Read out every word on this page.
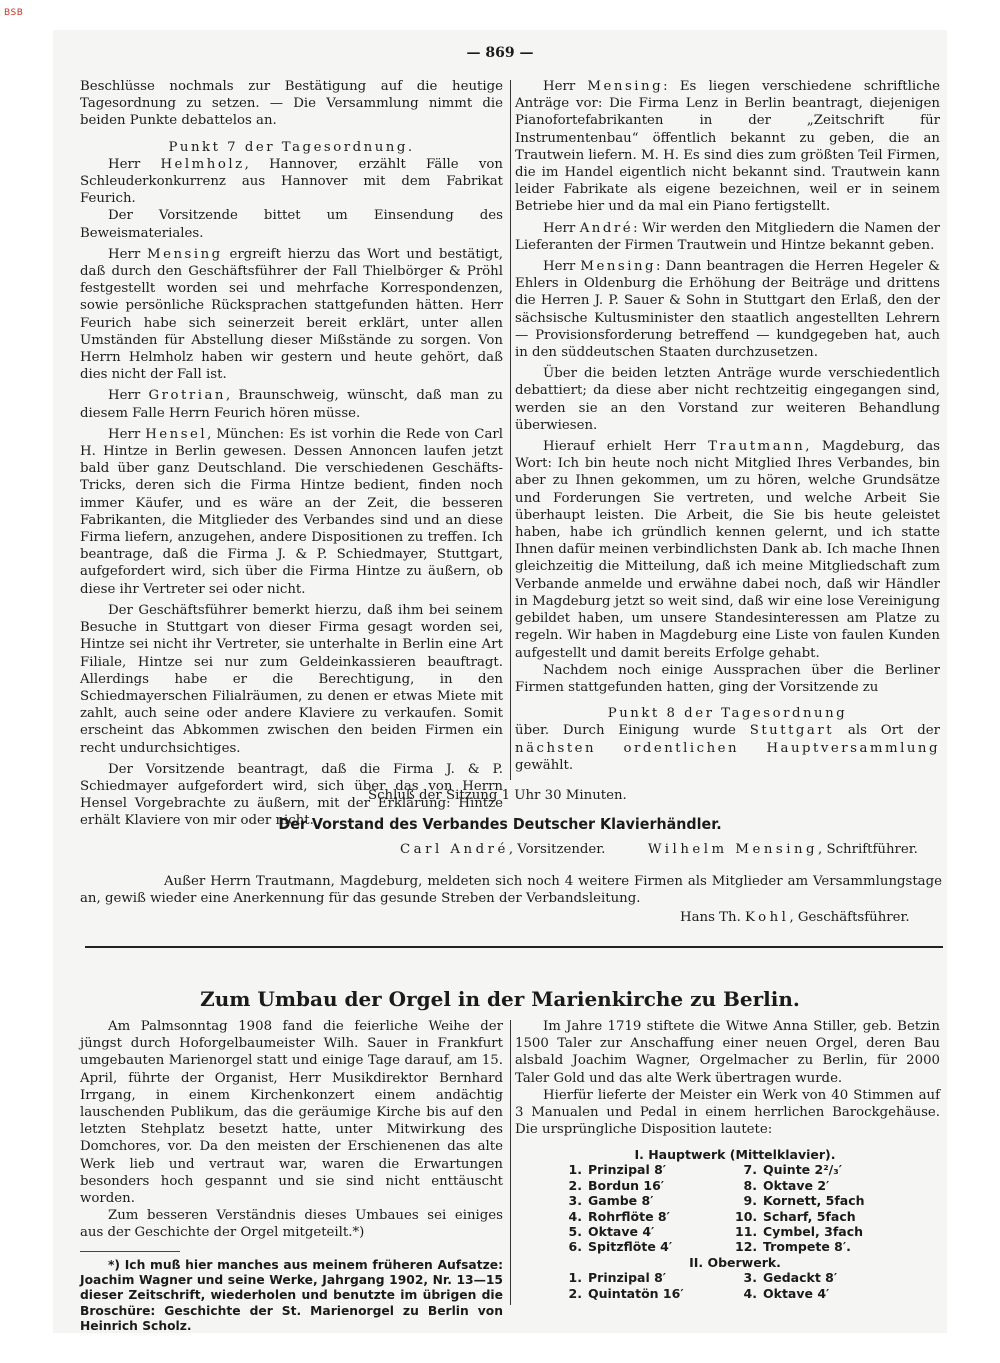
BSB
— 869 —

Beschlüsse nochmals zur Bestätigung auf die heutige Tagesordnung zu setzen. — Die Versammlung nimmt die beiden Punkte debattelos an.

Punkt 7 der Tagesordnung.

Herr Helmholz, Hannover, erzählt Fälle von Schleuderkonkurrenz aus Hannover mit dem Fabrikat Feurich.

Der Vorsitzende bittet um Einsendung des Beweismateriales.

Herr Mensing ergreift hierzu das Wort und bestätigt, daß durch den Geschäftsführer der Fall Thielbörger & Pröhl festgestellt worden sei und mehrfache Korrespondenzen, sowie persönliche Rücksprachen stattgefunden hätten. Herr Feurich habe sich seinerzeit bereit erklärt, unter allen Umständen für Abstellung dieser Mißstände zu sorgen. Von Herrn Helmholz haben wir gestern und heute gehört, daß dies nicht der Fall ist.

Herr Grotrian, Braunschweig, wünscht, daß man zu diesem Falle Herrn Feurich hören müsse.

Herr Hensel, München: Es ist vorhin die Rede von Carl H. Hintze in Berlin gewesen. Dessen Annoncen laufen jetzt bald über ganz Deutschland. Die verschiedenen Geschäfts-Tricks, deren sich die Firma Hintze bedient, finden noch immer Käufer, und es wäre an der Zeit, die besseren Fabrikanten, die Mitglieder des Verbandes sind und an diese Firma liefern, anzugehen, andere Dispositionen zu treffen. Ich beantrage, daß die Firma J. & P. Schiedmayer, Stuttgart, aufgefordert wird, sich über die Firma Hintze zu äußern, ob diese ihr Vertreter sei oder nicht.

Der Geschäftsführer bemerkt hierzu, daß ihm bei seinem Besuche in Stuttgart von dieser Firma gesagt worden sei, Hintze sei nicht ihr Vertreter, sie unterhalte in Berlin eine Art Filiale, Hintze sei nur zum Geldeinkassieren beauftragt. Allerdings habe er die Berechtigung, in den Schiedmayerschen Filialräumen, zu denen er etwas Miete mit zahlt, auch seine oder andere Klaviere zu verkaufen. Somit erscheint das Abkommen zwischen den beiden Firmen ein recht undurchsichtiges.

Der Vorsitzende beantragt, daß die Firma J. & P. Schiedmayer aufgefordert wird, sich über das von Herrn Hensel Vorgebrachte zu äußern, mit der Erklärung: Hintze erhält Klaviere von mir oder nicht.

Herr Mensing: Es liegen verschiedene schriftliche Anträge vor: Die Firma Lenz in Berlin beantragt, diejenigen Pianofortefabrikanten in der „Zeitschrift für Instrumentenbau“ öffentlich bekannt zu geben, die an Trautwein liefern. M. H. Es sind dies zum größten Teil Firmen, die im Handel eigentlich nicht bekannt sind. Trautwein kann leider Fabrikate als eigene bezeichnen, weil er in seinem Betriebe hier und da mal ein Piano fertigstellt.

Herr André: Wir werden den Mitgliedern die Namen der Lieferanten der Firmen Trautwein und Hintze bekannt geben.

Herr Mensing: Dann beantragen die Herren Hegeler & Ehlers in Oldenburg die Erhöhung der Beiträge und drittens die Herren J. P. Sauer & Sohn in Stuttgart den Erlaß, den der sächsische Kultusminister den staatlich angestellten Lehrern — Provisionsforderung betreffend — kundgegeben hat, auch in den süddeutschen Staaten durchzusetzen.

Über die beiden letzten Anträge wurde verschiedentlich debattiert; da diese aber nicht rechtzeitig eingegangen sind, werden sie an den Vorstand zur weiteren Behandlung überwiesen.

Hierauf erhielt Herr Trautmann, Magdeburg, das Wort: Ich bin heute noch nicht Mitglied Ihres Verbandes, bin aber zu Ihnen gekommen, um zu hören, welche Grundsätze und Forderungen Sie vertreten, und welche Arbeit Sie überhaupt leisten. Die Arbeit, die Sie bis heute geleistet haben, habe ich gründlich kennen gelernt, und ich statte Ihnen dafür meinen verbindlichsten Dank ab. Ich mache Ihnen gleichzeitig die Mitteilung, daß ich meine Mitgliedschaft zum Verbande anmelde und erwähne dabei noch, daß wir Händler in Magdeburg jetzt so weit sind, daß wir eine lose Vereinigung gebildet haben, um unsere Standesinteressen am Platze zu regeln. Wir haben in Magdeburg eine Liste von faulen Kunden aufgestellt und damit bereits Erfolge gehabt.

Nachdem noch einige Aussprachen über die Berliner Firmen stattgefunden hatten, ging der Vorsitzende zu

Punkt 8 der Tagesordnung

über. Durch Einigung wurde Stuttgart als Ort der nächsten ordentlichen Hauptversammlung gewählt.

Schluß der Sitzung 1 Uhr 30 Minuten.
Der Vorstand des Verbandes Deutscher Klavierhändler.
Carl André, Vorsitzender.	Wilhelm Mensing, Schriftführer.

Außer Herrn Trautmann, Magdeburg, meldeten sich noch 4 weitere Firmen als Mitglieder am Versammlungstage an, gewiß wieder eine Anerkennung für das gesunde Streben der Verbandsleitung.

Hans Th. Kohl, Geschäftsführer.
Zum Umbau der Orgel in der Marienkirche zu Berlin.

Am Palmsonntag 1908 fand die feierliche Weihe der jüngst durch Hoforgelbaumeister Wilh. Sauer in Frankfurt umgebauten Marienorgel statt und einige Tage darauf, am 15. April, führte der Organist, Herr Musikdirektor Bernhard Irrgang, in einem Kirchenkonzert einem andächtig lauschenden Publikum, das die geräumige Kirche bis auf den letzten Stehplatz besetzt hatte, unter Mitwirkung des Domchores, vor. Da den meisten der Erschienenen das alte Werk lieb und vertraut war, waren die Erwartungen besonders hoch gespannt und sie sind nicht enttäuscht worden.

Zum besseren Verständnis dieses Umbaues sei einiges aus der Geschichte der Orgel mitgeteilt.*)

*) Ich muß hier manches aus meinem früheren Aufsatze: Joachim Wagner und seine Werke, Jahrgang 1902, Nr. 13—15 dieser Zeitschrift, wiederholen und benutzte im übrigen die Broschüre: Geschichte der St. Marienorgel zu Berlin von Heinrich Scholz.

Im Jahre 1719 stiftete die Witwe Anna Stiller, geb. Betzin 1500 Taler zur Anschaffung einer neuen Orgel, deren Bau alsbald Joachim Wagner, Orgelmacher zu Berlin, für 2000 Taler Gold und das alte Werk übertragen wurde.

Hierfür lieferte der Meister ein Werk von 40 Stimmen auf 3 Manualen und Pedal in einem herrlichen Barockgehäuse. Die ursprüngliche Disposition lautete:

I. Hauptwerk (Mittelklavier).
1. Prinzipal 8′	7. Quinte 2²/₃′
2. Bordun 16′	8. Oktave 2′
3. Gambe 8′	9. Kornett, 5fach
4. Rohrflöte 8′	10. Scharf, 5fach
5. Oktave 4′	11. Cymbel, 3fach
6. Spitzflöte 4′	12. Trompete 8′.
II. Oberwerk.
1. Prinzipal 8′	3. Gedackt 8′
2. Quintatön 16′	4. Oktave 4′
